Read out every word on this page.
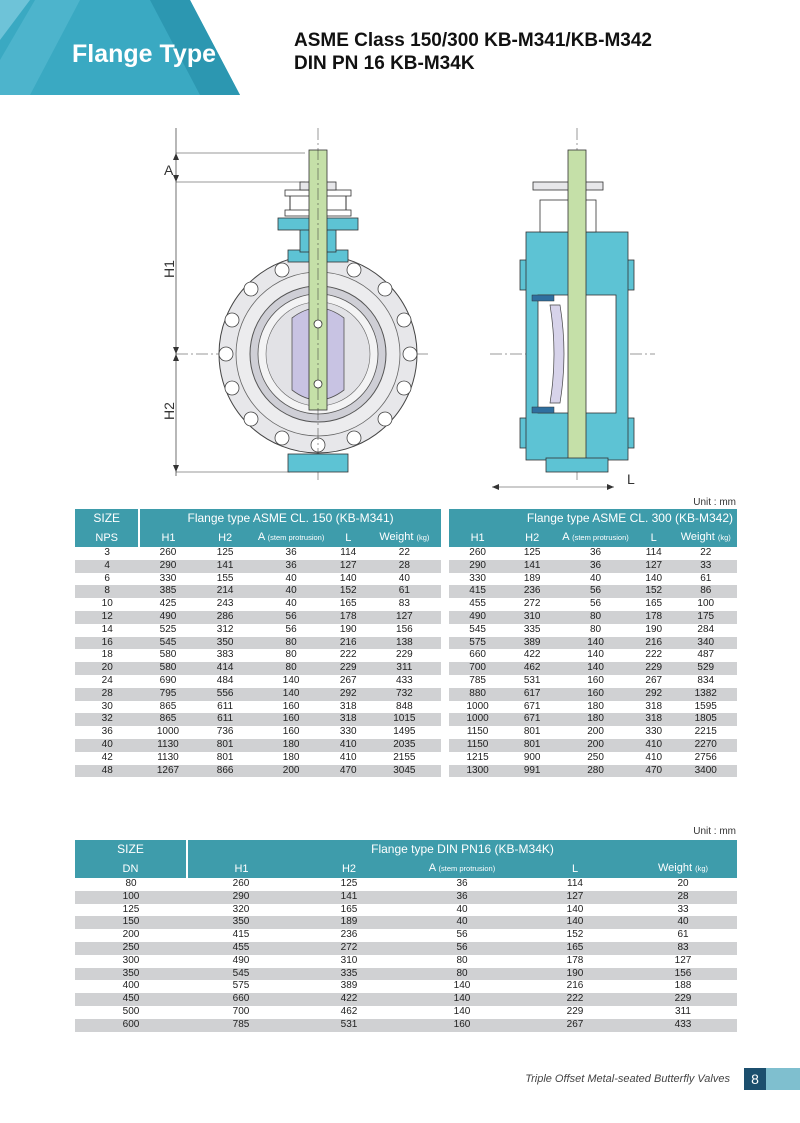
Flange Type	ASME Class 150/300 KB-M341/KB-M342
DIN PN 16 KB-M34K
A
H1
H2
L
Unit : mm
SIZE	Flange type ASME CL. 150 (KB-M341)						Flange type ASME CL. 300 (KB-M342)				
NPS	H1	H2	A (stem protrusion)	L	Weight (kg)		H1	H2	A (stem protrusion)	L	Weight (kg)
3	260	125	36	114	22		260	125	36	114	22
4	290	141	36	127	28		290	141	36	127	33
6	330	155	40	140	40		330	189	40	140	61
8	385	214	40	152	61		415	236	56	152	86
10	425	243	40	165	83		455	272	56	165	100
12	490	286	56	178	127		490	310	80	178	175
14	525	312	56	190	156		545	335	80	190	284
16	545	350	80	216	138		575	389	140	216	340
18	580	383	80	222	229		660	422	140	222	487
20	580	414	80	229	311		700	462	140	229	529
24	690	484	140	267	433		785	531	160	267	834
28	795	556	140	292	732		880	617	160	292	1382
30	865	611	160	318	848		1000	671	180	318	1595
32	865	611	160	318	1015		1000	671	180	318	1805
36	1000	736	160	330	1495		1150	801	200	330	2215
40	1130	801	180	410	2035		1150	801	200	410	2270
42	1130	801	180	410	2155		1215	900	250	410	2756
48	1267	866	200	470	3045		1300	991	280	470	3400
Unit : mm
SIZE	Flange type DIN PN16 (KB-M34K)				
DN	H1	H2	A (stem protrusion)	L	Weight (kg)
80	260	125	36	114	20
100	290	141	36	127	28
125	320	165	40	140	33
150	350	189	40	140	40
200	415	236	56	152	61
250	455	272	56	165	83
300	490	310	80	178	127
350	545	335	80	190	156
400	575	389	140	216	188
450	660	422	140	222	229
500	700	462	140	229	311
600	785	531	160	267	433
Triple Offset Metal-seated Butterfly Valves	8
